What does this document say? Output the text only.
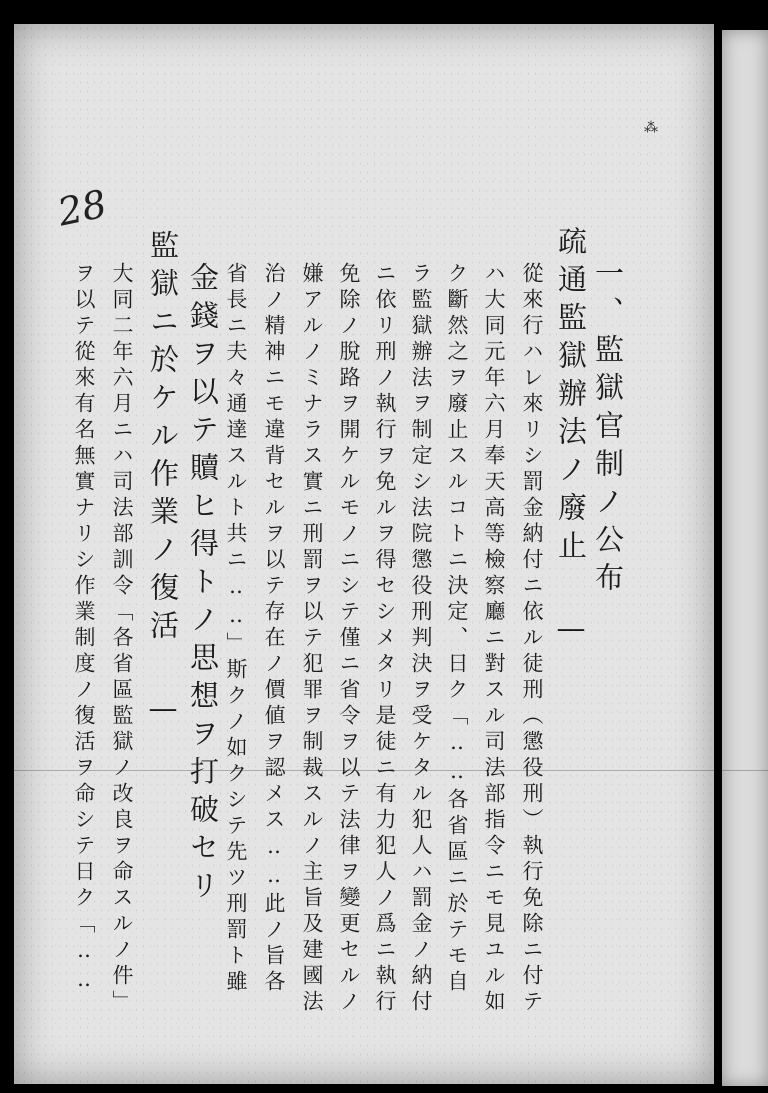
⁂
28
一、監獄官制ノ公布
疏通監獄辦法ノ廢止 —
從來行ハレ來リシ罰金納付ニ依ル徒刑（懲役刑）執行免除ニ付テ
ハ大同元年六月奉天高等檢察廳ニ對スル司法部指令ニモ見ユル如
ク斷然之ヲ廢止スルコトニ決定、日ク「‥‥各省區ニ於テモ自
ラ監獄辦法ヲ制定シ法院懲役刑判決ヲ受ケタル犯人ハ罰金ノ納付
ニ依リ刑ノ執行ヲ免ルヲ得セシメタリ是徒ニ有力犯人ノ爲ニ執行
免除ノ脫路ヲ開ケルモノニシテ僅ニ省令ヲ以テ法律ヲ變更セルノ
嫌アルノミナラス實ニ刑罰ヲ以テ犯罪ヲ制裁スルノ主旨及建國法
治ノ精神ニモ違背セルヲ以テ存在ノ價値ヲ認メス‥‥此ノ旨各
省長ニ夫々通達スルト共ニ‥‥」斯クノ如クシテ先ツ刑罰ト雖
金錢ヲ以テ贖ヒ得トノ思想ヲ打破セリ
監獄ニ於ケル作業ノ復活 —
大同二年六月ニハ司法部訓令「各省區監獄ノ改良ヲ命スルノ件」
ヲ以テ從來有名無實ナリシ作業制度ノ復活ヲ命シテ日ク「‥‥
